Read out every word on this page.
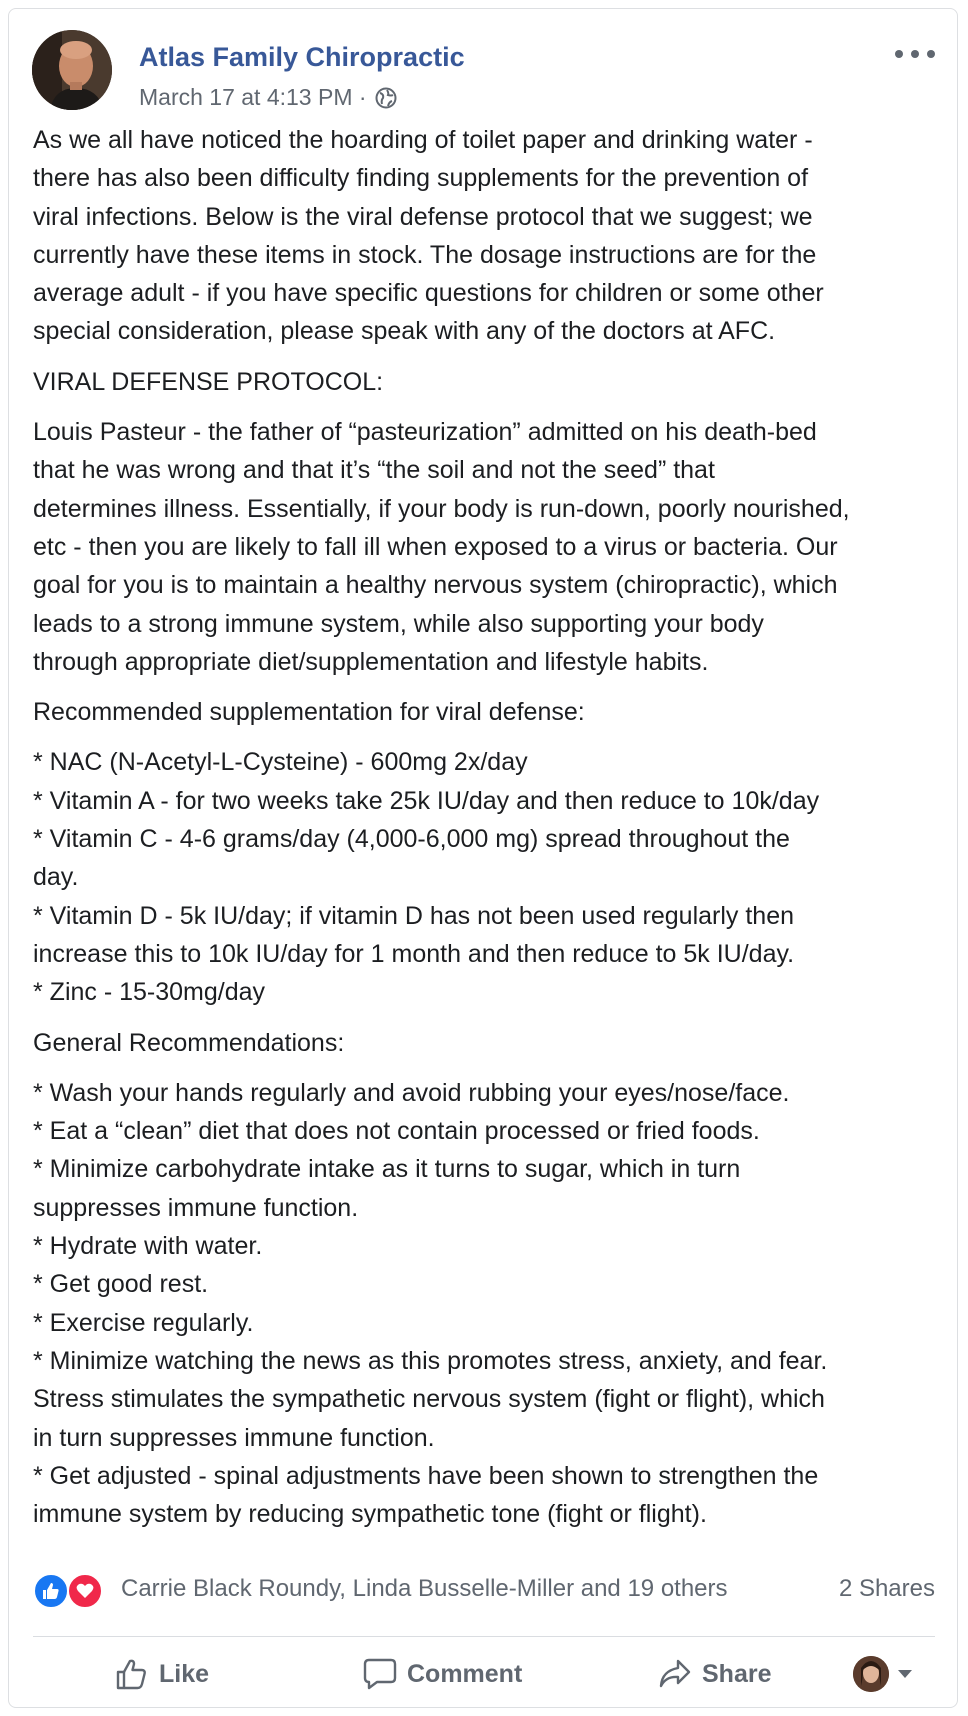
Atlas Family Chiropractic
March 17 at 4:13 PM ·

As we all have noticed the hoarding of toilet paper and drinking water -
there has also been difficulty finding supplements for the prevention of
viral infections. Below is the viral defense protocol that we suggest; we
currently have these items in stock. The dosage instructions are for the
average adult - if you have specific questions for children or some other
special consideration, please speak with any of the doctors at AFC.

VIRAL DEFENSE PROTOCOL:

Louis Pasteur - the father of “pasteurization” admitted on his death-bed
that he was wrong and that it’s “the soil and not the seed” that
determines illness. Essentially, if your body is run-down, poorly nourished,
etc - then you are likely to fall ill when exposed to a virus or bacteria. Our
goal for you is to maintain a healthy nervous system (chiropractic), which
leads to a strong immune system, while also supporting your body
through appropriate diet/supplementation and lifestyle habits.

Recommended supplementation for viral defense:

* NAC (N-Acetyl-L-Cysteine) - 600mg 2x/day
* Vitamin A - for two weeks take 25k IU/day and then reduce to 10k/day
* Vitamin C - 4-6 grams/day (4,000-6,000 mg) spread throughout the
day.
* Vitamin D - 5k IU/day; if vitamin D has not been used regularly then
increase this to 10k IU/day for 1 month and then reduce to 5k IU/day.
* Zinc - 15-30mg/day

General Recommendations:

* Wash your hands regularly and avoid rubbing your eyes/nose/face.
* Eat a “clean” diet that does not contain processed or fried foods.
* Minimize carbohydrate intake as it turns to sugar, which in turn
suppresses immune function.
* Hydrate with water.
* Get good rest.
* Exercise regularly.
* Minimize watching the news as this promotes stress, anxiety, and fear.
Stress stimulates the sympathetic nervous system (fight or flight), which
in turn suppresses immune function.
* Get adjusted - spinal adjustments have been shown to strengthen the
immune system by reducing sympathetic tone (fight or flight).

Carrie Black Roundy, Linda Busselle-Miller and 19 others	2 Shares
Like	Comment	Share
